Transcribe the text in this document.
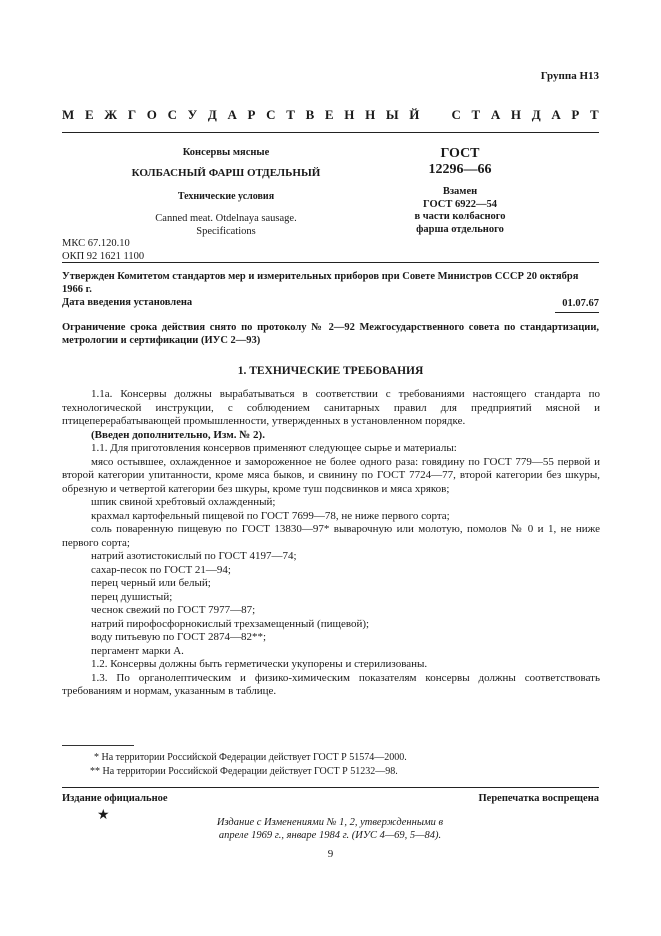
Группа Н13
М Е Ж Г О С У Д А Р С Т В Е Н Н Ы Й С Т А Н Д А Р Т
Консервы мясные
КОЛБАСНЫЙ ФАРШ ОТДЕЛЬНЫЙ
Технические условия
Canned meat. Otdelnaya sausage.
Specifications
МКС 67.120.10
ОКП 92 1621 1100
ГОСТ
12296—66
Взамен
ГОСТ 6922—54
в части колбасного
фарша отдельного
Утвержден Комитетом стандартов мер и измерительных приборов при Совете Министров СССР 20 октября 1966 г.
Дата введения установлена	01.07.67
Ограничение срока действия снято по протоколу № 2—92 Межгосударственного совета по стандартизации, метрологии и сертификации (ИУС 2—93)
1. ТЕХНИЧЕСКИЕ ТРЕБОВАНИЯ

1.1а. Консервы должны вырабатываться в соответствии с требованиями настоящего стандарта по технологической инструкции, с соблюдением санитарных правил для предприятий мясной и птицеперерабатывающей промышленности, утвержденных в установленном порядке.

(Введен дополнительно, Изм. № 2).

1.1. Для приготовления консервов применяют следующее сырье и материалы:

мясо остывшее, охлажденное и замороженное не более одного раза: говядину по ГОСТ 779—55 первой и второй категории упитанности, кроме мяса быков, и свинину по ГОСТ 7724—77, второй категории без шкуры, обрезную и четвертой категории без шкуры, кроме туш подсвинков и мяса хряков;

шпик свиной хребтовый охлажденный;

крахмал картофельный пищевой по ГОСТ 7699—78, не ниже первого сорта;

соль поваренную пищевую по ГОСТ 13830—97* выварочную или молотую, помолов № 0 и 1, не ниже первого сорта;

натрий азотистокислый по ГОСТ 4197—74;

сахар-песок по ГОСТ 21—94;

перец черный или белый;

перец душистый;

чеснок свежий по ГОСТ 7977—87;

натрий пирофосфорнокислый трехзамещенный (пищевой);

воду питьевую по ГОСТ 2874—82**;

пергамент марки А.

1.2. Консервы должны быть герметически укупорены и стерилизованы.

1.3. По органолептическим и физико-химическим показателям консервы должны соответствовать требованиям и нормам, указанным в таблице.

* На территории Российской Федерации действует ГОСТ Р 51574—2000.
** На территории Российской Федерации действует ГОСТ Р 51232—98.
Издание официальное	Перепечатка воспрещена
★	Издание с Изменениями № 1, 2, утвержденными в
апреле 1969 г., январе 1984 г. (ИУС 4—69, 5—84).
9
